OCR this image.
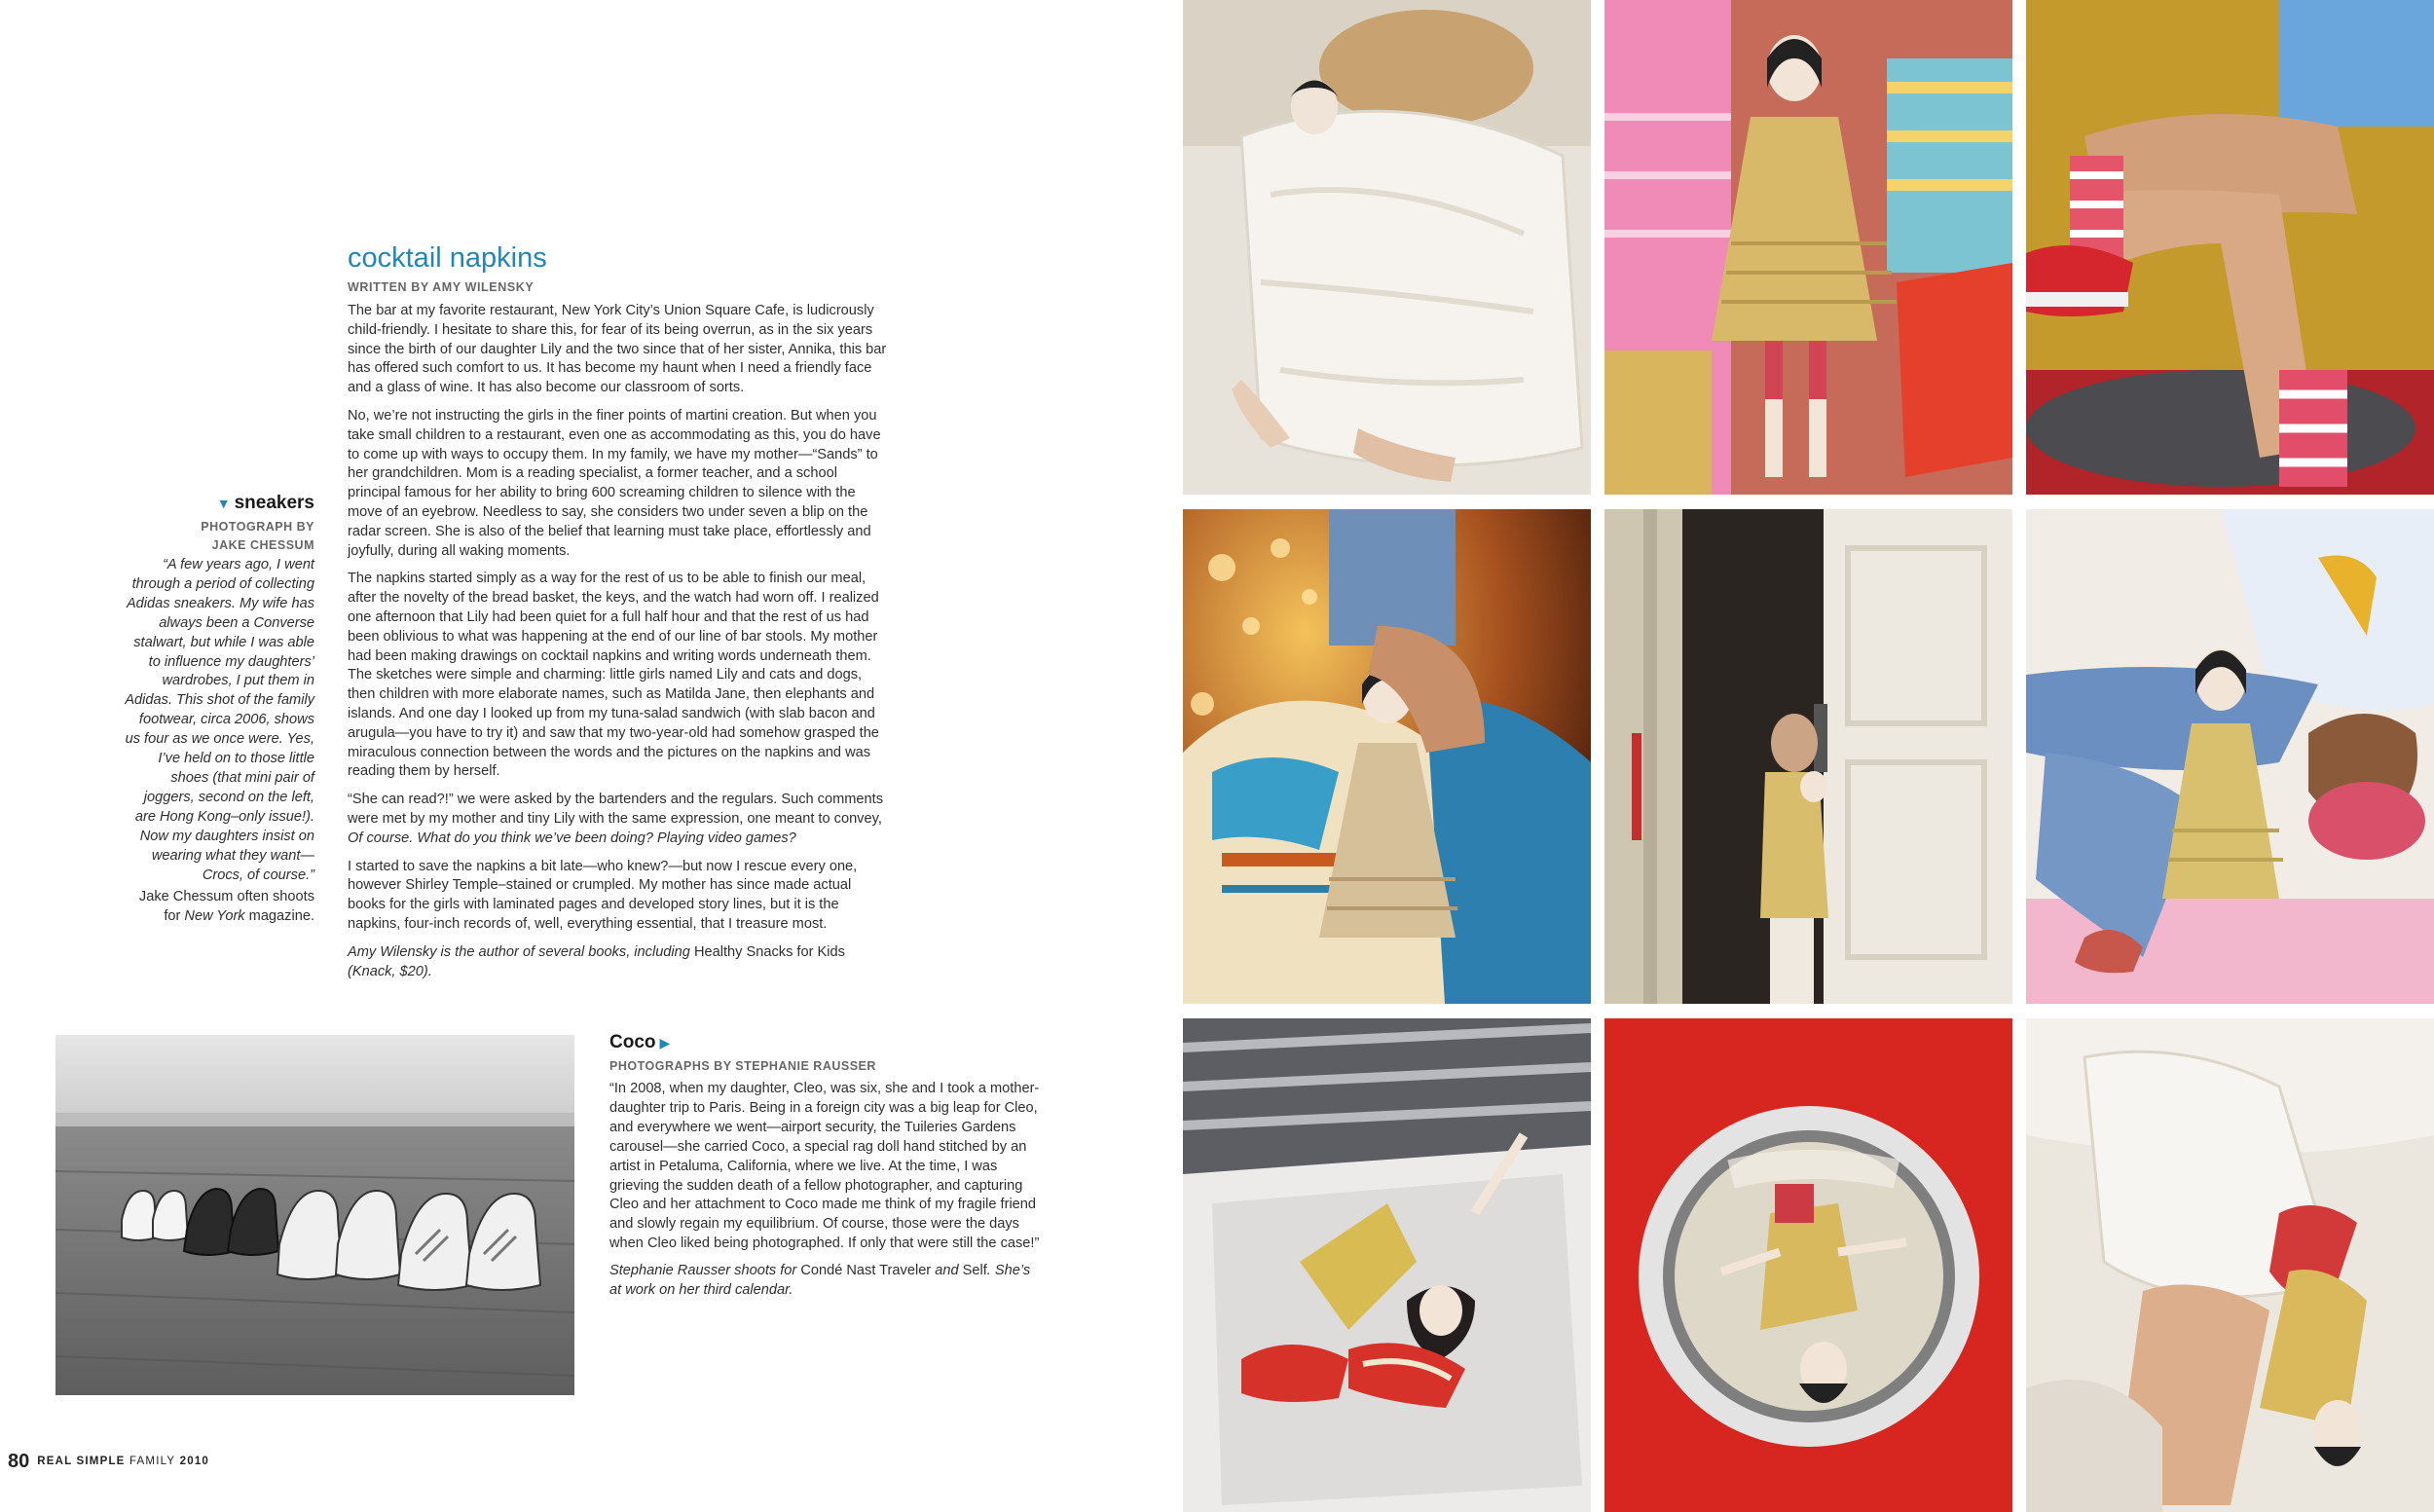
cocktail napkins
WRITTEN BY AMY WILENSKY

The bar at my favorite restaurant, New York City’s Union Square Cafe, is ludicrously child-friendly. I hesitate to share this, for fear of its being overrun, as in the six years since the birth of our daughter Lily and the two since that of her sister, Annika, this bar has offered such comfort to us. It has become my haunt when I need a friendly face and a glass of wine. It has also become our classroom of sorts.

No, we’re not instructing the girls in the finer points of martini creation. But when you take small children to a restaurant, even one as accommodating as this, you do have to come up with ways to occupy them. In my family, we have my mother—“Sands” to her grandchildren. Mom is a reading specialist, a former teacher, and a school principal famous for her ability to bring 600 screaming children to silence with the move of an eyebrow. Needless to say, she considers two under seven a blip on the radar screen. She is also of the belief that learning must take place, effortlessly and joyfully, during all waking moments.

The napkins started simply as a way for the rest of us to be able to finish our meal, after the novelty of the bread basket, the keys, and the watch had worn off. I realized one afternoon that Lily had been quiet for a full half hour and that the rest of us had been oblivious to what was happening at the end of our line of bar stools. My mother had been making drawings on cocktail napkins and writing words underneath them. The sketches were simple and charming: little girls named Lily and cats and dogs, then children with more elaborate names, such as Matilda Jane, then elephants and islands. And one day I looked up from my tuna-salad sandwich (with slab bacon and arugula—you have to try it) and saw that my two-year-old had somehow grasped the miraculous connection between the words and the pictures on the napkins and was reading them by herself.

“She can read?!” we were asked by the bartenders and the regulars. Such comments were met by my mother and tiny Lily with the same expression, one meant to convey, Of course. What do you think we’ve been doing? Playing video games?

I started to save the napkins a bit late—who knew?—but now I rescue every one, however Shirley Temple–stained or crumpled. My mother has since made actual books for the girls with laminated pages and developed story lines, but it is the napkins, four-inch records of, well, everything essential, that I treasure most.

Amy Wilensky is the author of several books, including Healthy Snacks for Kids (Knack, $20).

▼ sneakers
PHOTOGRAPH BY
JAKE CHESSUM
“A few years ago, I went through a period of collecting Adidas sneakers. My wife has always been a Converse stalwart, but while I was able to influence my daughters’ wardrobes, I put them in Adidas. This shot of the family footwear, circa 2006, shows us four as we once were. Yes, I’ve held on to those little shoes (that mini pair of joggers, second on the left, are Hong Kong–only issue!). Now my daughters insist on wearing what they want—Crocs, of course.”
Jake Chessum often shoots for New York magazine.
Coco ▶
PHOTOGRAPHS BY STEPHANIE RAUSSER

“In 2008, when my daughter, Cleo, was six, she and I took a mother-daughter trip to Paris. Being in a foreign city was a big leap for Cleo, and everywhere we went—airport security, the Tuileries Gardens carousel—she carried Coco, a special rag doll hand stitched by an artist in Petaluma, California, where we live. At the time, I was grieving the sudden death of a fellow photographer, and capturing Cleo and her attachment to Coco made me think of my fragile friend and slowly regain my equilibrium. Of course, those were the days when Cleo liked being photographed. If only that were still the case!”

Stephanie Rausser shoots for Condé Nast Traveler and Self. She’s at work on her third calendar.

80 REAL SIMPLE FAMILY 2010
